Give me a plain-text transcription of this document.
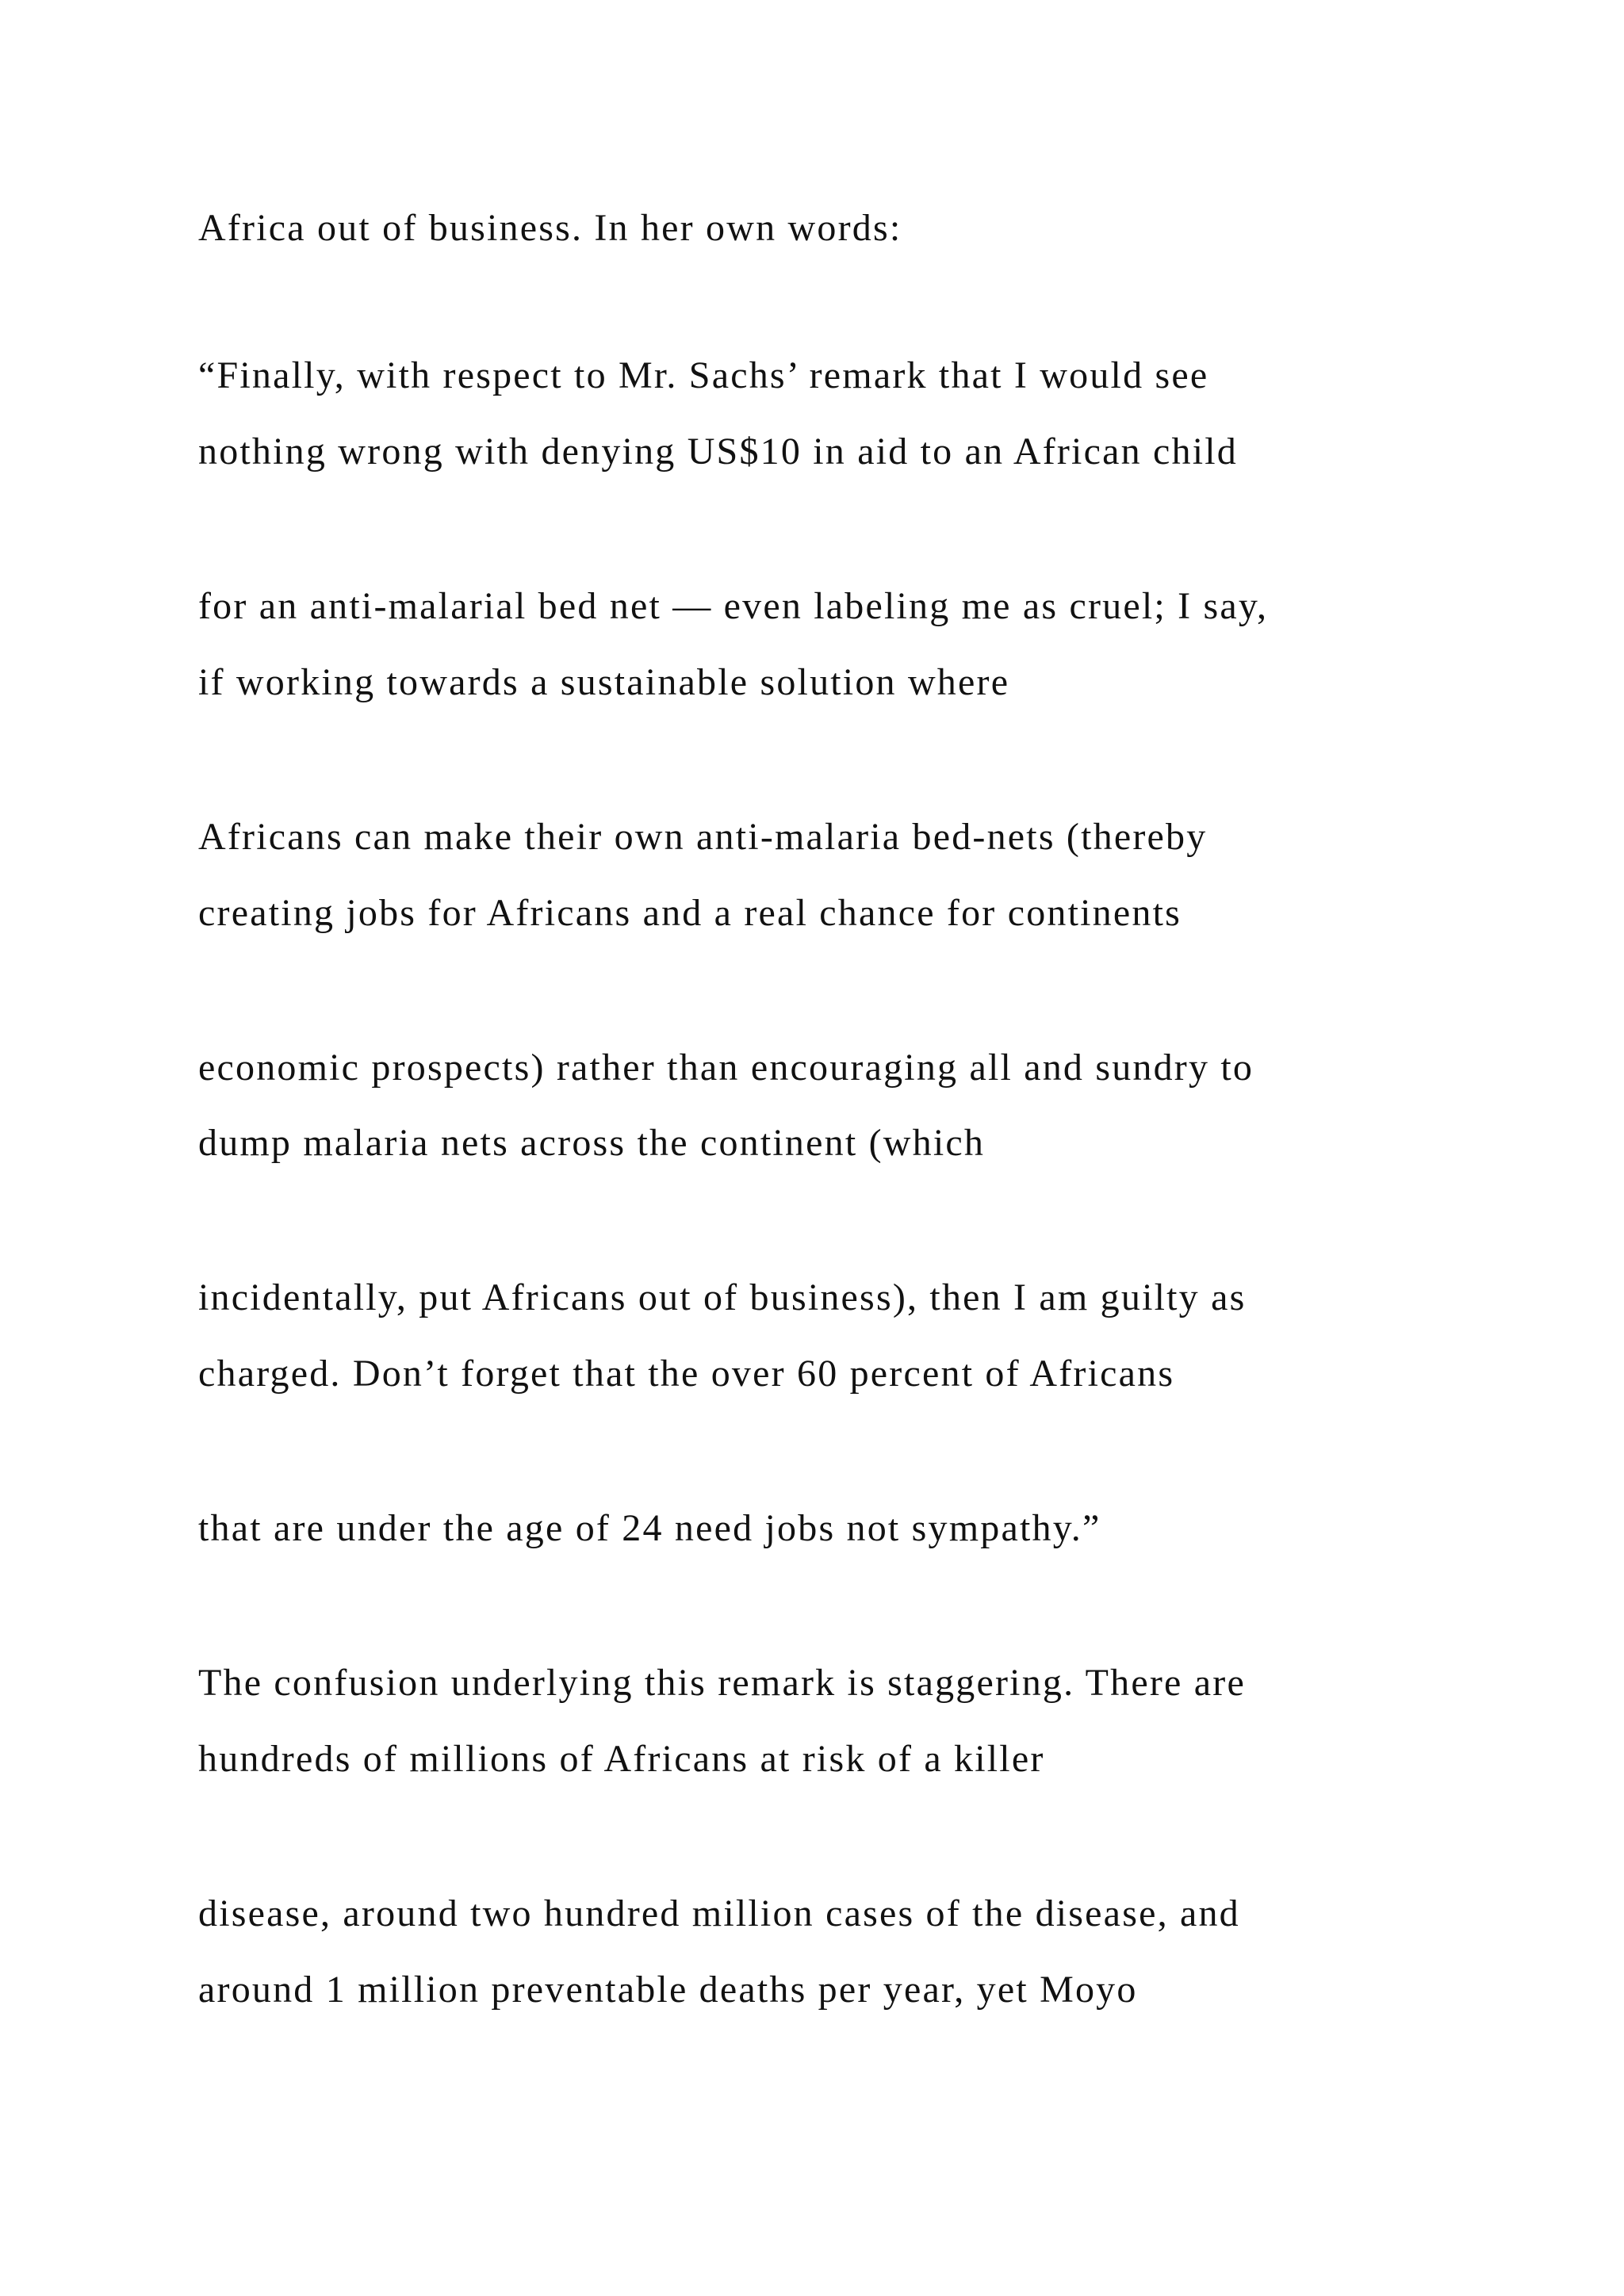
Africa out of business. In her own words:

“Finally, with respect to Mr. Sachs’ remark that I would see

nothing wrong with denying US$10 in aid to an African child

for an anti-malarial bed net — even labeling me as cruel; I say,

if working towards a sustainable solution where

Africans can make their own anti-malaria bed-nets (thereby

creating jobs for Africans and a real chance for continents

economic prospects) rather than encouraging all and sundry to

dump malaria nets across the continent (which

incidentally, put Africans out of business), then I am guilty as

charged. Don’t forget that the over 60 percent of Africans

that are under the age of 24 need jobs not sympathy.”

The confusion underlying this remark is staggering. There are

hundreds of millions of Africans at risk of a killer

disease, around two hundred million cases of the disease, and

around 1 million preventable deaths per year, yet Moyo
